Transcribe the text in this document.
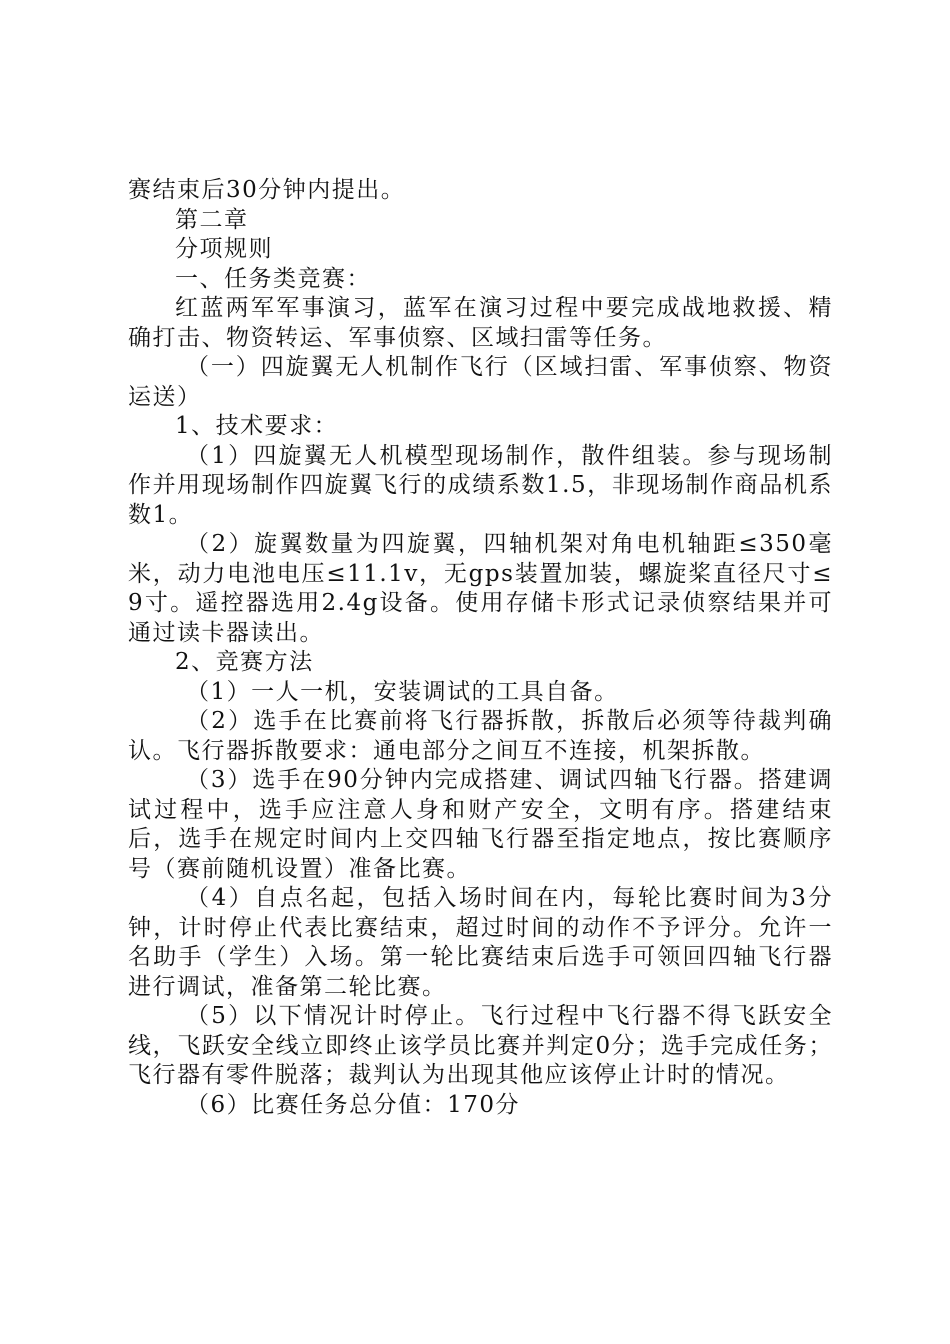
赛结束后30分钟内提出。

第二章

分项规则

一、任务类竞赛：

红蓝两军军事演习，蓝军在演习过程中要完成战地救援、精确打击、物资转运、军事侦察、区域扫雷等任务。

（一）四旋翼无人机制作飞行（区域扫雷、军事侦察、物资运送）

1、技术要求：

（1）四旋翼无人机模型现场制作，散件组装。参与现场制作并用现场制作四旋翼飞行的成绩系数1.5，非现场制作商品机系数1。

（2）旋翼数量为四旋翼，四轴机架对角电机轴距≤350毫米，动力电池电压≤11.1v，无gps装置加装，螺旋桨直径尺寸≤9寸。遥控器选用2.4g设备。使用存储卡形式记录侦察结果并可通过读卡器读出。

2、竞赛方法

（1）一人一机，安装调试的工具自备。

（2）选手在比赛前将飞行器拆散，拆散后必须等待裁判确认。飞行器拆散要求：通电部分之间互不连接，机架拆散。

（3）选手在90分钟内完成搭建、调试四轴飞行器。搭建调试过程中，选手应注意人身和财产安全，文明有序。搭建结束后，选手在规定时间内上交四轴飞行器至指定地点，按比赛顺序号（赛前随机设置）准备比赛。

（4）自点名起，包括入场时间在内，每轮比赛时间为3分钟，计时停止代表比赛结束，超过时间的动作不予评分。允许一名助手（学生）入场。第一轮比赛结束后选手可领回四轴飞行器进行调试，准备第二轮比赛。

（5）以下情况计时停止。飞行过程中飞行器不得飞跃安全线，飞跃安全线立即终止该学员比赛并判定0分；选手完成任务；飞行器有零件脱落；裁判认为出现其他应该停止计时的情况。

（6）比赛任务总分值：170分
